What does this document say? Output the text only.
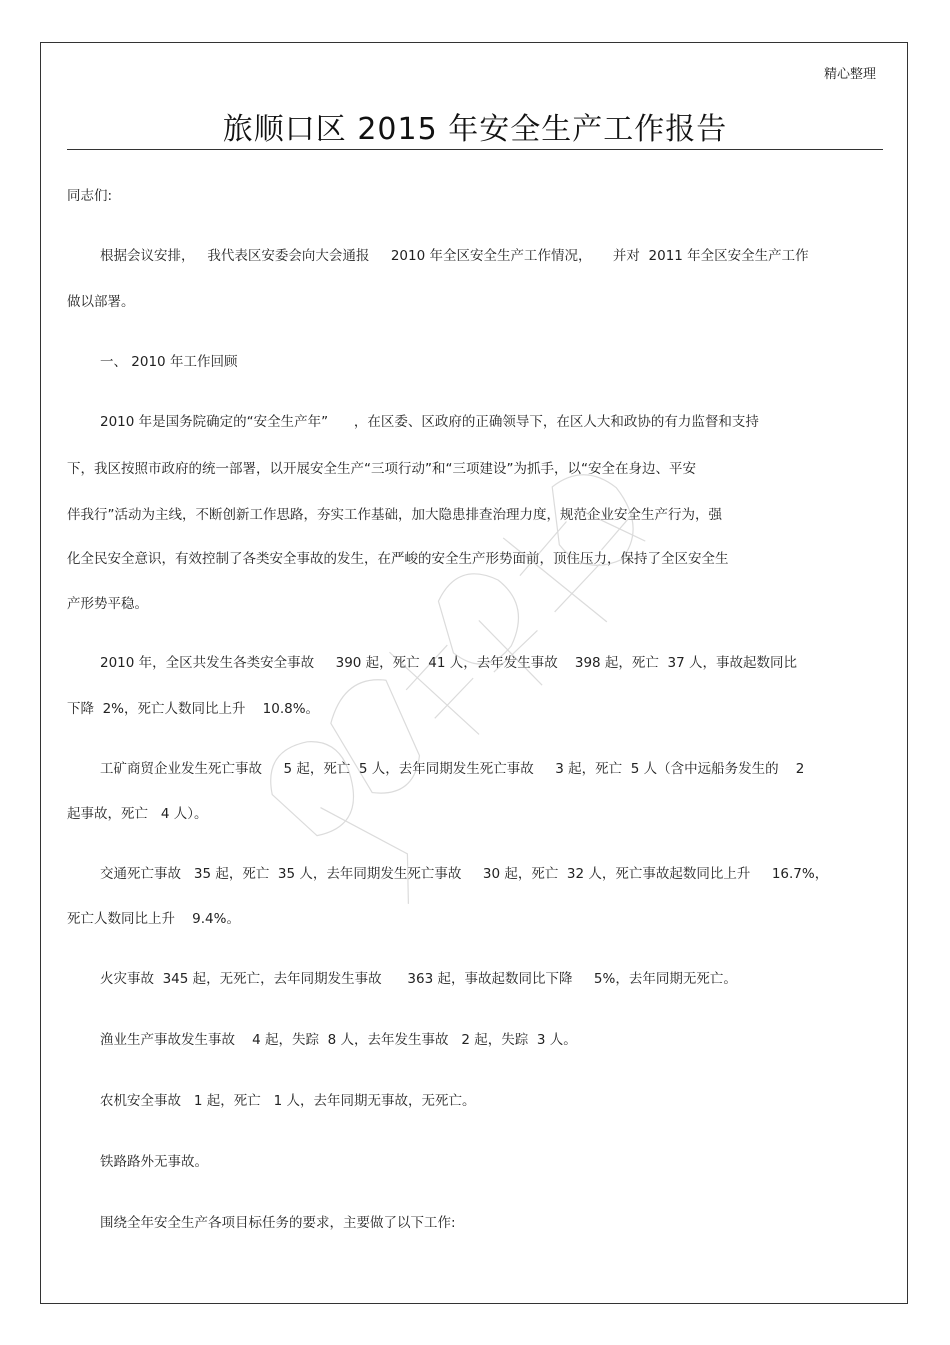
精心整理
旅顺口区 2015 年安全生产工作报告
同志们:
根据会议安排，   我代表区安委会向大会通报     2010 年全区安全生产工作情况，     并对  2011 年全区安全生产工作
做以部署。
一、 2010 年工作回顾
2010 年是国务院确定的“安全生产年”      ，在区委、区政府的正确领导下，在区人大和政协的有力监督和支持
下，我区按照市政府的统一部署，以开展安全生产“三项行动”和“三项建设”为抓手，以“安全在身边、平安
伴我行”活动为主线，不断创新工作思路，夯实工作基础，加大隐患排查治理力度，规范企业安全生产行为，强
化全民安全意识，有效控制了各类安全事故的发生，在严峻的安全生产形势面前，顶住压力，保持了全区安全生
产形势平稳。
2010 年，全区共发生各类安全事故     390 起，死亡  41 人，去年发生事故    398 起，死亡  37 人，事故起数同比
下降  2%，死亡人数同比上升    10.8%。
工矿商贸企业发生死亡事故     5 起，死亡  5 人，去年同期发生死亡事故     3 起，死亡  5 人（含中远船务发生的    2
起事故，死亡   4 人）。
交通死亡事故   35 起，死亡  35 人，去年同期发生死亡事故     30 起，死亡  32 人，死亡事故起数同比上升     16.7%，
死亡人数同比上升    9.4%。
火灾事故  345 起，无死亡，去年同期发生事故      363 起，事故起数同比下降     5%，去年同期无死亡。
渔业生产事故发生事故    4 起，失踪  8 人，去年发生事故   2 起，失踪  3 人。
农机安全事故   1 起，死亡   1 人，去年同期无事故，无死亡。
铁路路外无事故。
围绕全年安全生产各项目标任务的要求，主要做了以下工作:
